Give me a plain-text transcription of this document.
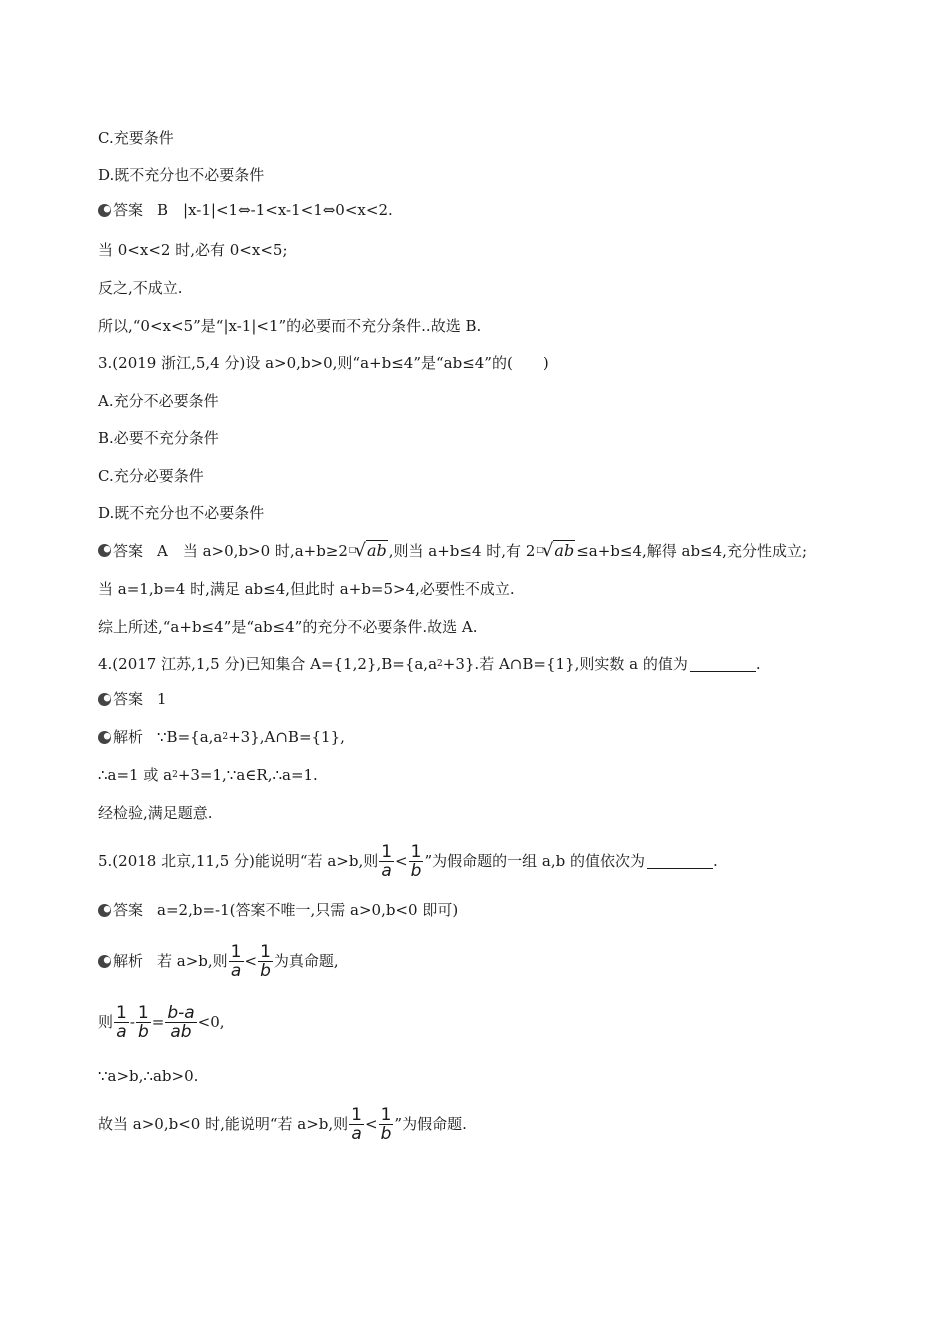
C.充要条件
D.既不充分也不必要条件
答案 B　|x-1|<1⇔-1<x-1<1⇔0<x<2.
当 0<x<2 时,必有 0<x<5;
反之,不成立.
所以,“0<x<5”是“|x-1|<1”的必要而不充分条件..故选 B.
3.(2019 浙江,5,4 分)设 a>0,b>0,则“a+b≤4”是“ab≤4”的(　　)
A.充分不必要条件
B.必要不充分条件
C.充分必要条件
D.既不充分也不必要条件
答案 A　当 a>0,b>0 时,a+b≥2 □
√ ab ,则当 a+b≤4 时,有 2 □
√ ab ≤a+b≤4,解得 ab≤4,充分性成立;
当 a=1,b=4 时,满足 ab≤4,但此时 a+b=5>4,必要性不成立.
综上所述,“a+b≤4”是“ab≤4”的充分不必要条件.故选 A.
4.(2017 江苏,1,5 分)已知集合 A={1,2},B={a,a 2 +3}.若 A∩B={1},则实数 a 的值为	.
答案 1
解析 ∵B={a,a 2 +3},A∩B={1},
∴a=1 或 a 2 +3=1,∵a∈R,∴a=1.
经检验,满足题意.
5.(2018 北京,11,5 分)能说明“若 a>b,则 $\frac{1}{a} < \frac{1}{b}$ ”为假命题的一组 a,b 的值依次为	.
答案 a=2,b=-1(答案不唯一,只需 a>0,b<0 即可)
解析 若 a>b,则 $\frac{1}{a} < \frac{1}{b}$ 为真命题,
则 $\frac{1}{a} - \frac{1}{b} = \frac{b-a}{ab} <0$,
∵a>b,∴ab>0.
故当 a>0,b<0 时,能说明“若 a>b,则 $\frac{1}{a} < \frac{1}{b}$ ”为假命题.
